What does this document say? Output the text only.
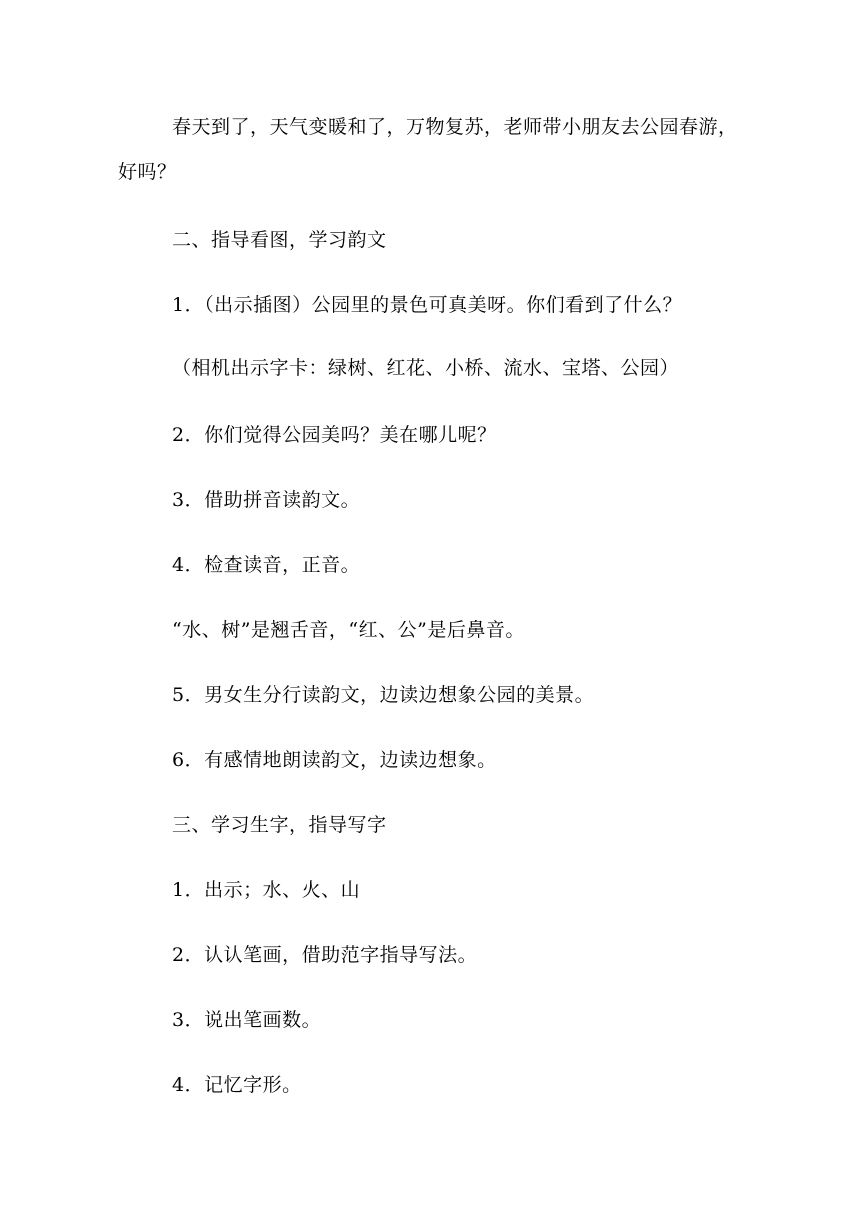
春天到了，天气变暖和了，万物复苏，老师带小朋友去公园春游，

好吗？

二、指导看图，学习韵文

1．（出示插图）公园里的景色可真美呀。你们看到了什么？

（相机出示字卡：绿树、红花、小桥、流水、宝塔、公园）

2．你们觉得公园美吗？美在哪儿呢？

3．借助拼音读韵文。

4．检查读音，正音。

“水、树”是翘舌音，“红、公”是后鼻音。

5．男女生分行读韵文，边读边想象公园的美景。

6．有感情地朗读韵文，边读边想象。

三、学习生字，指导写字

1．出示；水、火、山

2．认认笔画，借助范字指导写法。

3．说出笔画数。

4．记忆字形。
